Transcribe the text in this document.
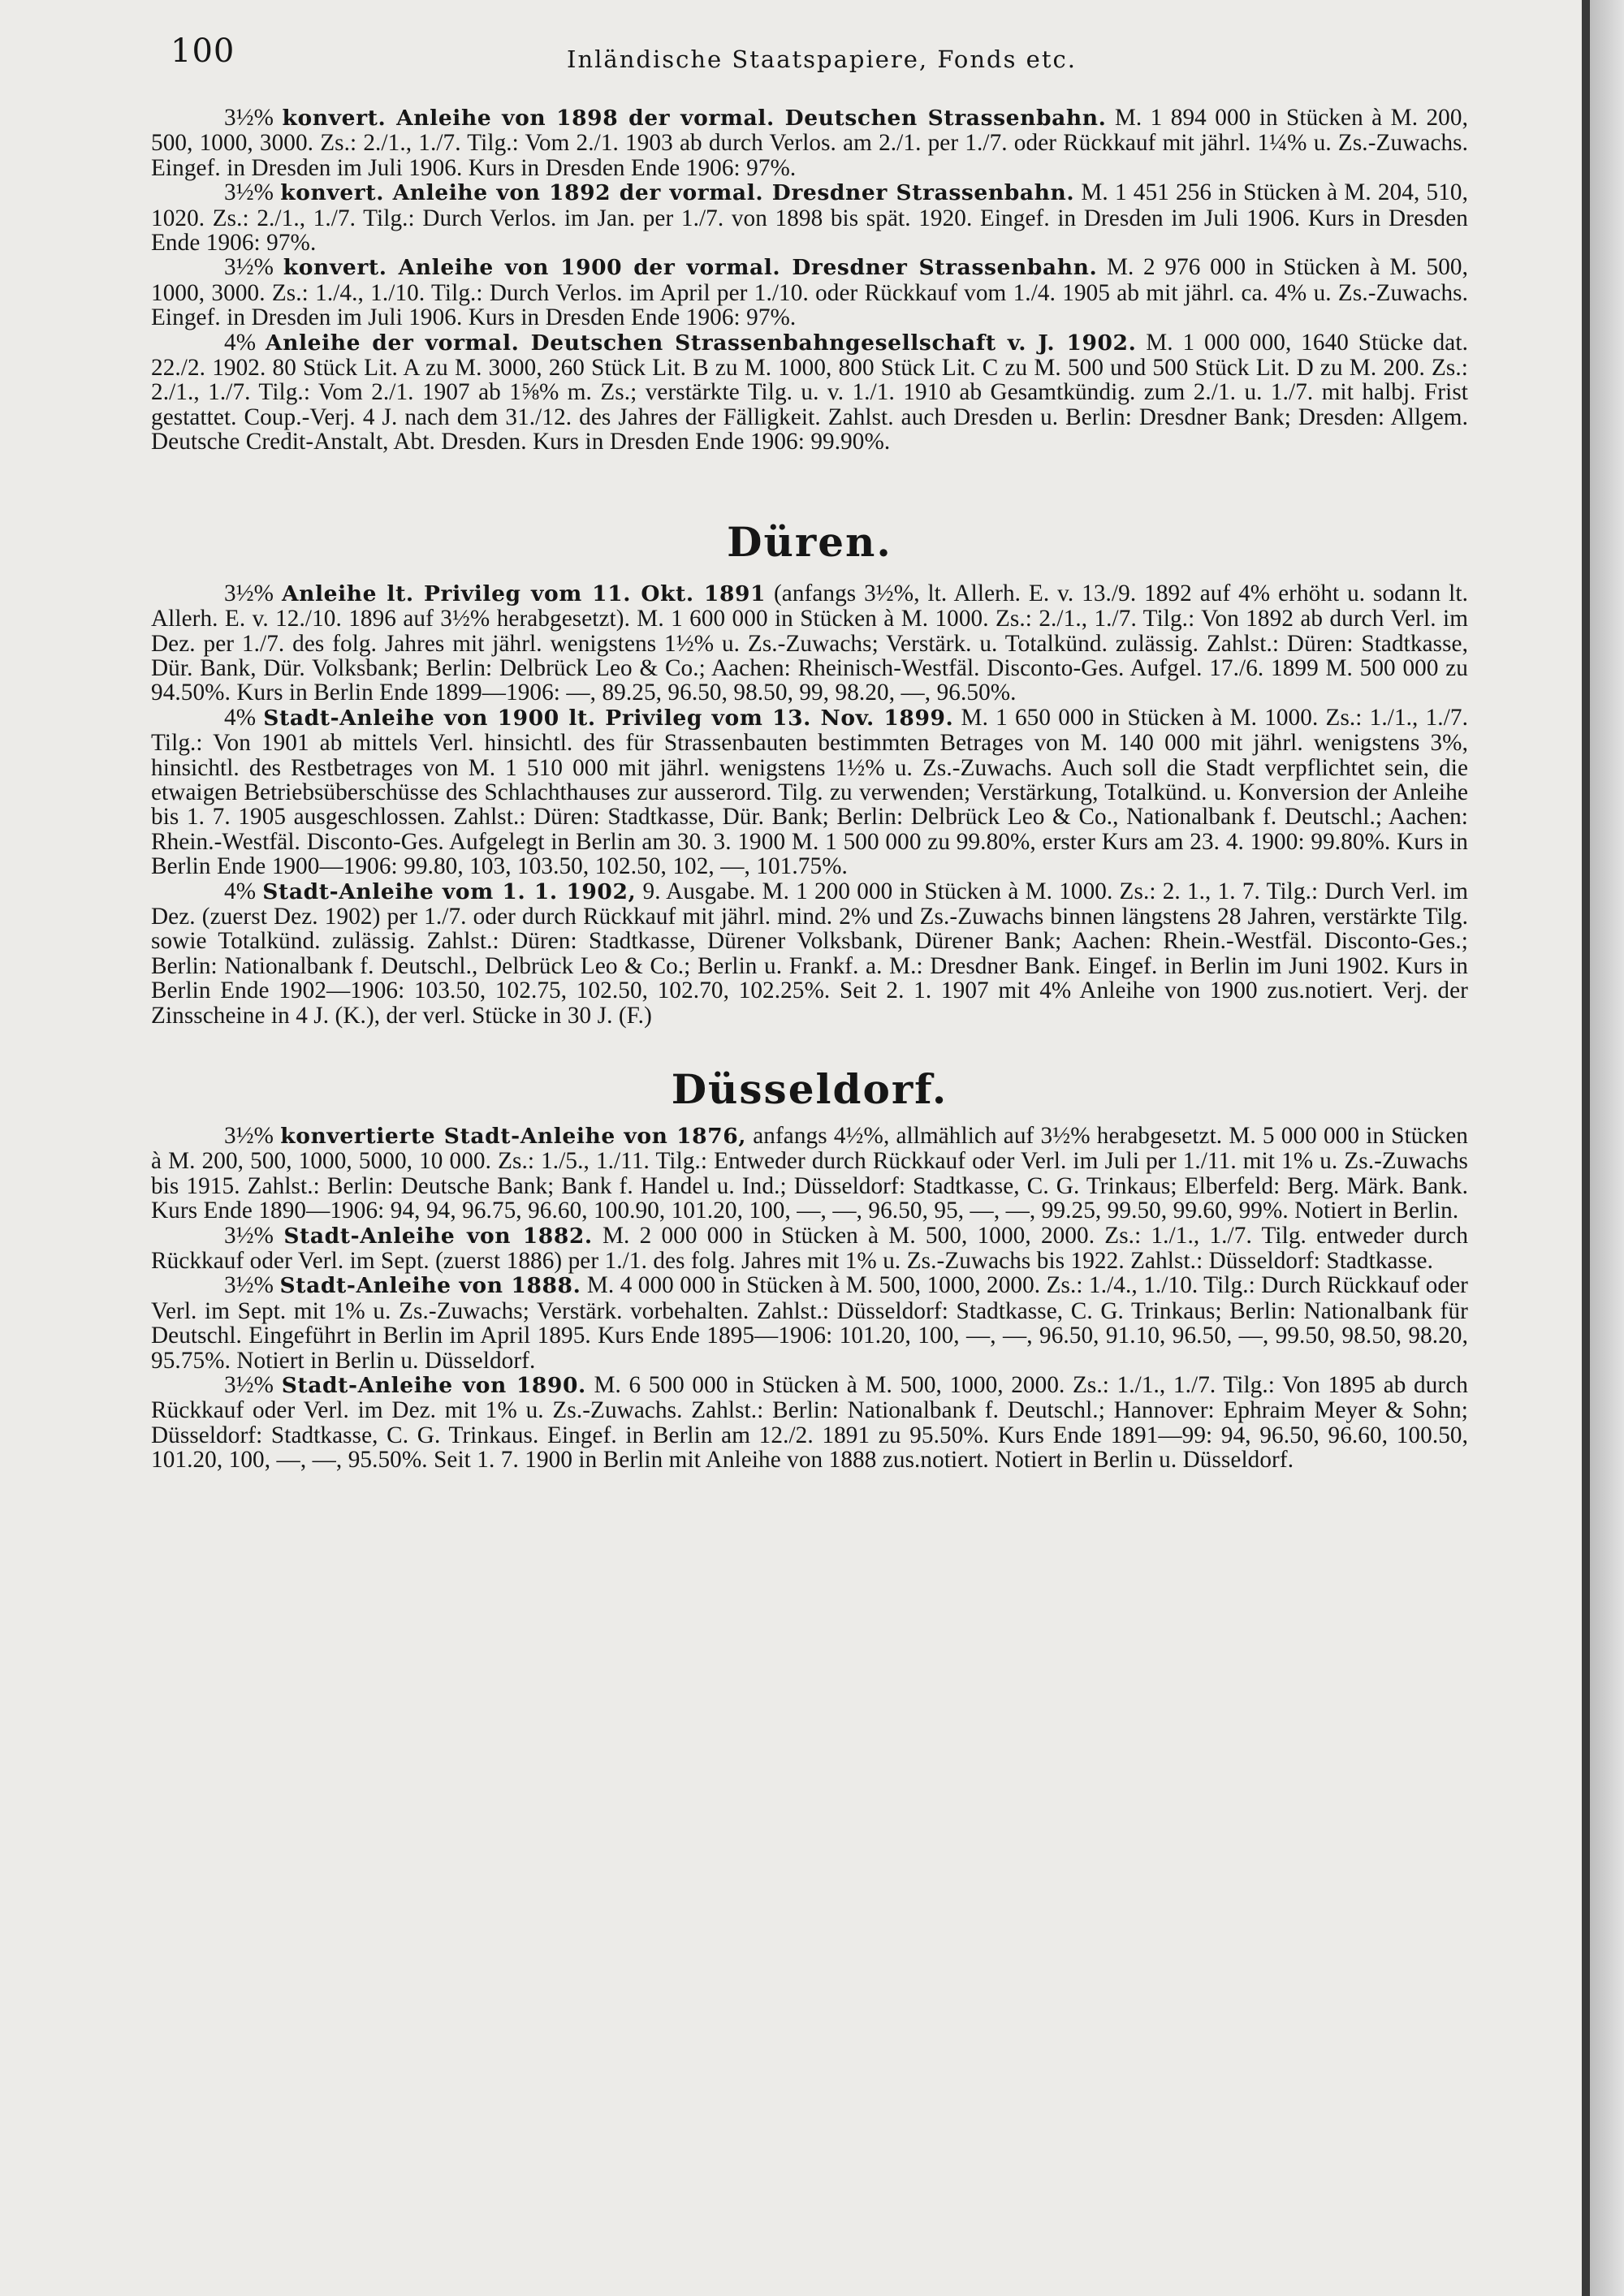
100	Inländische Staatspapiere, Fonds etc.

3½% konvert. Anleihe von 1898 der vormal. Deutschen Strassenbahn. M. 1 894 000 in Stücken à M. 200, 500, 1000, 3000. Zs.: 2./1., 1./7. Tilg.: Vom 2./1. 1903 ab durch Verlos. am 2./1. per 1./7. oder Rückkauf mit jährl. 1¼% u. Zs.-Zuwachs. Eingef. in Dresden im Juli 1906. Kurs in Dresden Ende 1906: 97%.

3½% konvert. Anleihe von 1892 der vormal. Dresdner Strassenbahn. M. 1 451 256 in Stücken à M. 204, 510, 1020. Zs.: 2./1., 1./7. Tilg.: Durch Verlos. im Jan. per 1./7. von 1898 bis spät. 1920. Eingef. in Dresden im Juli 1906. Kurs in Dresden Ende 1906: 97%.

3½% konvert. Anleihe von 1900 der vormal. Dresdner Strassenbahn. M. 2 976 000 in Stücken à M. 500, 1000, 3000. Zs.: 1./4., 1./10. Tilg.: Durch Verlos. im April per 1./10. oder Rückkauf vom 1./4. 1905 ab mit jährl. ca. 4% u. Zs.-Zuwachs. Eingef. in Dresden im Juli 1906. Kurs in Dresden Ende 1906: 97%.

4% Anleihe der vormal. Deutschen Strassenbahngesellschaft v. J. 1902. M. 1 000 000, 1640 Stücke dat. 22./2. 1902. 80 Stück Lit. A zu M. 3000, 260 Stück Lit. B zu M. 1000, 800 Stück Lit. C zu M. 500 und 500 Stück Lit. D zu M. 200. Zs.: 2./1., 1./7. Tilg.: Vom 2./1. 1907 ab 1⅝% m. Zs.; verstärkte Tilg. u. v. 1./1. 1910 ab Gesamtkündig. zum 2./1. u. 1./7. mit halbj. Frist gestattet. Coup.-Verj. 4 J. nach dem 31./12. des Jahres der Fälligkeit. Zahlst. auch Dresden u. Berlin: Dresdner Bank; Dresden: Allgem. Deutsche Credit-Anstalt, Abt. Dresden. Kurs in Dresden Ende 1906: 99.90%.

Düren.

3½% Anleihe lt. Privileg vom 11. Okt. 1891 (anfangs 3½%, lt. Allerh. E. v. 13./9. 1892 auf 4% erhöht u. sodann lt. Allerh. E. v. 12./10. 1896 auf 3½% herabgesetzt). M. 1 600 000 in Stücken à M. 1000. Zs.: 2./1., 1./7. Tilg.: Von 1892 ab durch Verl. im Dez. per 1./7. des folg. Jahres mit jährl. wenigstens 1½% u. Zs.-Zuwachs; Verstärk. u. Totalkünd. zulässig. Zahlst.: Düren: Stadtkasse, Dür. Bank, Dür. Volksbank; Berlin: Delbrück Leo & Co.; Aachen: Rheinisch-Westfäl. Disconto-Ges. Aufgel. 17./6. 1899 M. 500 000 zu 94.50%. Kurs in Berlin Ende 1899—1906: —, 89.25, 96.50, 98.50, 99, 98.20, —, 96.50%.

4% Stadt-Anleihe von 1900 lt. Privileg vom 13. Nov. 1899. M. 1 650 000 in Stücken à M. 1000. Zs.: 1./1., 1./7. Tilg.: Von 1901 ab mittels Verl. hinsichtl. des für Strassenbauten bestimmten Betrages von M. 140 000 mit jährl. wenigstens 3%, hinsichtl. des Restbetrages von M. 1 510 000 mit jährl. wenigstens 1½% u. Zs.-Zuwachs. Auch soll die Stadt verpflichtet sein, die etwaigen Betriebsüberschüsse des Schlachthauses zur ausserord. Tilg. zu verwenden; Verstärkung, Totalkünd. u. Konversion der Anleihe bis 1. 7. 1905 ausgeschlossen. Zahlst.: Düren: Stadtkasse, Dür. Bank; Berlin: Delbrück Leo & Co., Nationalbank f. Deutschl.; Aachen: Rhein.-Westfäl. Disconto-Ges. Aufgelegt in Berlin am 30. 3. 1900 M. 1 500 000 zu 99.80%, erster Kurs am 23. 4. 1900: 99.80%. Kurs in Berlin Ende 1900—1906: 99.80, 103, 103.50, 102.50, 102, —, 101.75%.

4% Stadt-Anleihe vom 1. 1. 1902, 9. Ausgabe. M. 1 200 000 in Stücken à M. 1000. Zs.: 2. 1., 1. 7. Tilg.: Durch Verl. im Dez. (zuerst Dez. 1902) per 1./7. oder durch Rückkauf mit jährl. mind. 2% und Zs.-Zuwachs binnen längstens 28 Jahren, verstärkte Tilg. sowie Totalkünd. zulässig. Zahlst.: Düren: Stadtkasse, Dürener Volksbank, Dürener Bank; Aachen: Rhein.-Westfäl. Disconto-Ges.; Berlin: Nationalbank f. Deutschl., Delbrück Leo & Co.; Berlin u. Frankf. a. M.: Dresdner Bank. Eingef. in Berlin im Juni 1902. Kurs in Berlin Ende 1902—1906: 103.50, 102.75, 102.50, 102.70, 102.25%. Seit 2. 1. 1907 mit 4% Anleihe von 1900 zus.notiert. Verj. der Zinsscheine in 4 J. (K.), der verl. Stücke in 30 J. (F.)

Düsseldorf.

3½% konvertierte Stadt-Anleihe von 1876, anfangs 4½%, allmählich auf 3½% herabgesetzt. M. 5 000 000 in Stücken à M. 200, 500, 1000, 5000, 10 000. Zs.: 1./5., 1./11. Tilg.: Entweder durch Rückkauf oder Verl. im Juli per 1./11. mit 1% u. Zs.-Zuwachs bis 1915. Zahlst.: Berlin: Deutsche Bank; Bank f. Handel u. Ind.; Düsseldorf: Stadtkasse, C. G. Trinkaus; Elberfeld: Berg. Märk. Bank. Kurs Ende 1890—1906: 94, 94, 96.75, 96.60, 100.90, 101.20, 100, —, —, 96.50, 95, —, —, 99.25, 99.50, 99.60, 99%. Notiert in Berlin.

3½% Stadt-Anleihe von 1882. M. 2 000 000 in Stücken à M. 500, 1000, 2000. Zs.: 1./1., 1./7. Tilg. entweder durch Rückkauf oder Verl. im Sept. (zuerst 1886) per 1./1. des folg. Jahres mit 1% u. Zs.-Zuwachs bis 1922. Zahlst.: Düsseldorf: Stadtkasse.

3½% Stadt-Anleihe von 1888. M. 4 000 000 in Stücken à M. 500, 1000, 2000. Zs.: 1./4., 1./10. Tilg.: Durch Rückkauf oder Verl. im Sept. mit 1% u. Zs.-Zuwachs; Verstärk. vorbehalten. Zahlst.: Düsseldorf: Stadtkasse, C. G. Trinkaus; Berlin: Nationalbank für Deutschl. Eingeführt in Berlin im April 1895. Kurs Ende 1895—1906: 101.20, 100, —, —, 96.50, 91.10, 96.50, —, 99.50, 98.50, 98.20, 95.75%. Notiert in Berlin u. Düsseldorf.

3½% Stadt-Anleihe von 1890. M. 6 500 000 in Stücken à M. 500, 1000, 2000. Zs.: 1./1., 1./7. Tilg.: Von 1895 ab durch Rückkauf oder Verl. im Dez. mit 1% u. Zs.-Zuwachs. Zahlst.: Berlin: Nationalbank f. Deutschl.; Hannover: Ephraim Meyer & Sohn; Düsseldorf: Stadtkasse, C. G. Trinkaus. Eingef. in Berlin am 12./2. 1891 zu 95.50%. Kurs Ende 1891—99: 94, 96.50, 96.60, 100.50, 101.20, 100, —, —, 95.50%. Seit 1. 7. 1900 in Berlin mit Anleihe von 1888 zus.notiert. Notiert in Berlin u. Düsseldorf.
